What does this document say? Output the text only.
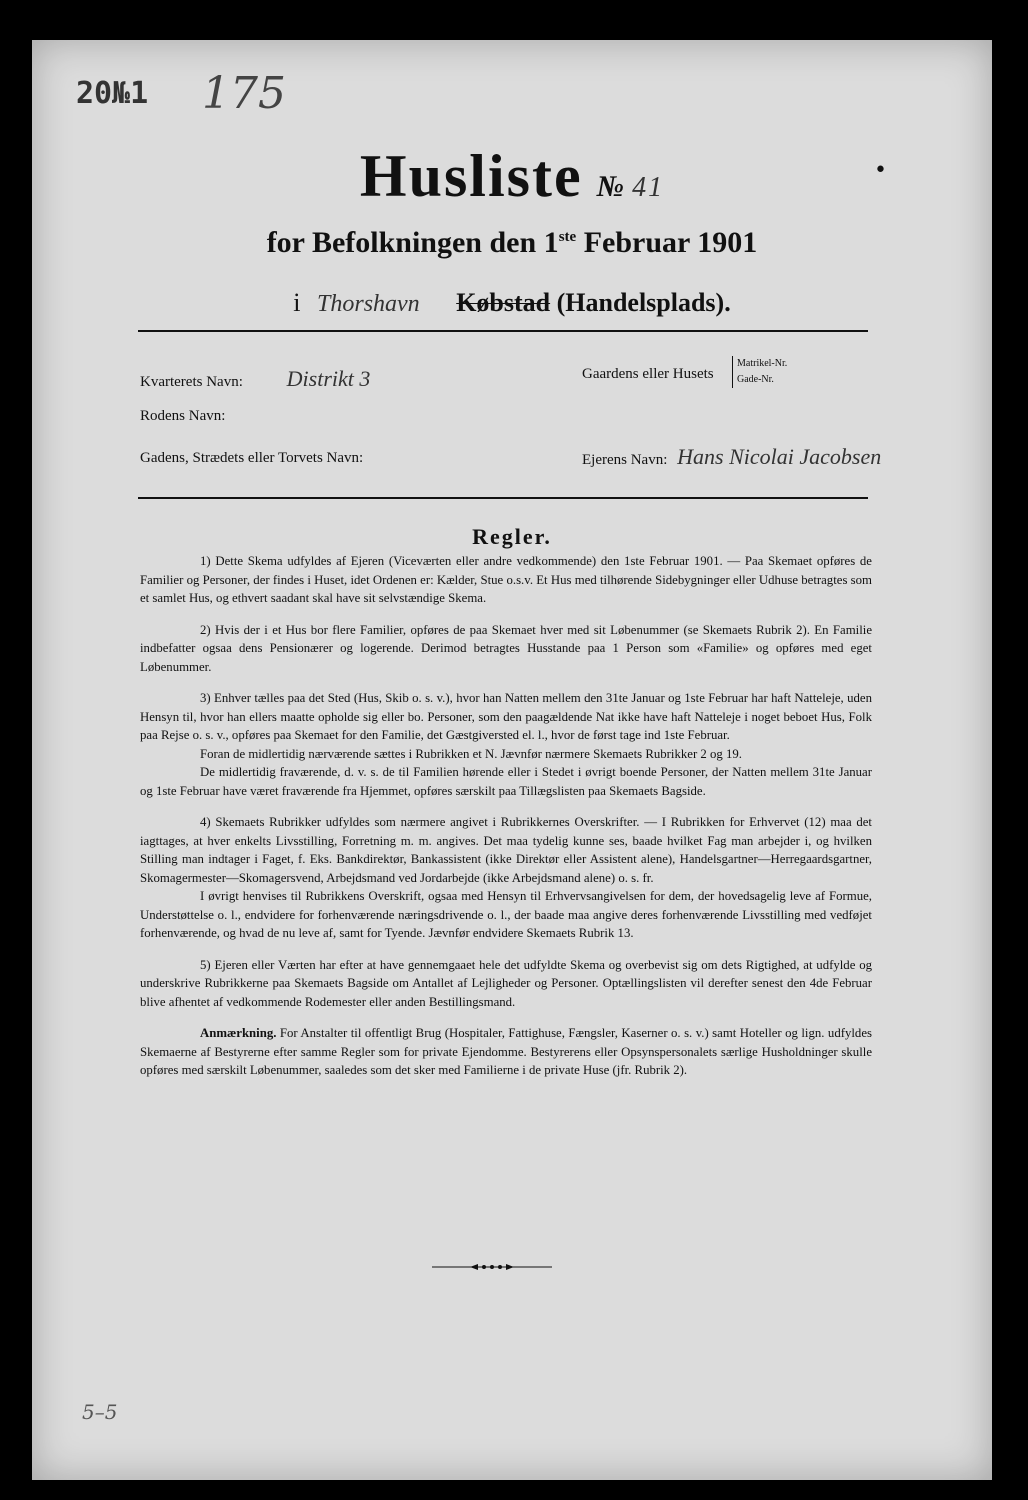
20№1 175
•
Husliste № 41
for Befolkningen den 1ste Februar 1901
i Thorshavn Købstad (Handelsplads).
Kvarterets Navn: Distrikt 3	Gaardens eller Husets
Matrikel-Nr.
Gade-Nr.
Rodens Navn:
Gadens, Strædets eller Torvets Navn:	Ejerens Navn: Hans Nicolai Jacobsen
Regler.

1) Dette Skema udfyldes af Ejeren (Viceværten eller andre vedkommende) den 1ste Februar 1901. — Paa Skemaet opføres de Familier og Personer, der findes i Huset, idet Ordenen er: Kælder, Stue o.s.v. Et Hus med tilhørende Sidebygninger eller Udhuse betragtes som et samlet Hus, og ethvert saadant skal have sit selvstændige Skema.

2) Hvis der i et Hus bor flere Familier, opføres de paa Skemaet hver med sit Løbenummer (se Skemaets Rubrik 2). En Familie indbefatter ogsaa dens Pensionærer og logerende. Derimod betragtes Husstande paa 1 Person som «Familie» og opføres med eget Løbenummer.

3) Enhver tælles paa det Sted (Hus, Skib o. s. v.), hvor han Natten mellem den 31te Januar og 1ste Februar har haft Natteleje, uden Hensyn til, hvor han ellers maatte opholde sig eller bo. Personer, som den paagældende Nat ikke have haft Natteleje i noget beboet Hus, Folk paa Rejse o. s. v., opføres paa Skemaet for den Familie, det Gæstgiversted el. l., hvor de først tage ind 1ste Februar.

Foran de midlertidig nærværende sættes i Rubrikken et N. Jævnfør nærmere Skemaets Rubrikker 2 og 19.

De midlertidig fraværende, d. v. s. de til Familien hørende eller i Stedet i øvrigt boende Personer, der Natten mellem 31te Januar og 1ste Februar have været fraværende fra Hjemmet, opføres særskilt paa Tillægslisten paa Skemaets Bagside.

4) Skemaets Rubrikker udfyldes som nærmere angivet i Rubrikkernes Overskrifter. — I Rubrikken for Erhvervet (12) maa det iagttages, at hver enkelts Livsstilling, Forretning m. m. angives. Det maa tydelig kunne ses, baade hvilket Fag man arbejder i, og hvilken Stilling man indtager i Faget, f. Eks. Bankdirektør, Bankassistent (ikke Direktør eller Assistent alene), Handelsgartner—Herregaardsgartner, Skomagermester—Skomagersvend, Arbejdsmand ved Jordarbejde (ikke Arbejdsmand alene) o. s. fr.

I øvrigt henvises til Rubrikkens Overskrift, ogsaa med Hensyn til Erhvervsangivelsen for dem, der hovedsagelig leve af Formue, Understøttelse o. l., endvidere for forhenværende næringsdrivende o. l., der baade maa angive deres forhenværende Livsstilling med vedføjet forhenværende, og hvad de nu leve af, samt for Tyende. Jævnfør endvidere Skemaets Rubrik 13.

5) Ejeren eller Værten har efter at have gennemgaaet hele det udfyldte Skema og overbevist sig om dets Rigtighed, at udfylde og underskrive Rubrikkerne paa Skemaets Bagside om Antallet af Lejligheder og Personer. Optællingslisten vil derefter senest den 4de Februar blive afhentet af vedkommende Rodemester eller anden Bestillingsmand.

Anmærkning. For Anstalter til offentligt Brug (Hospitaler, Fattighuse, Fængsler, Kaserner o. s. v.) samt Hoteller og lign. udfyldes Skemaerne af Bestyrerne efter samme Regler som for private Ejendomme. Bestyrerens eller Opsynspersonalets særlige Husholdninger skulle opføres med særskilt Løbenummer, saaledes som det sker med Familierne i de private Huse (jfr. Rubrik 2).

5–5
